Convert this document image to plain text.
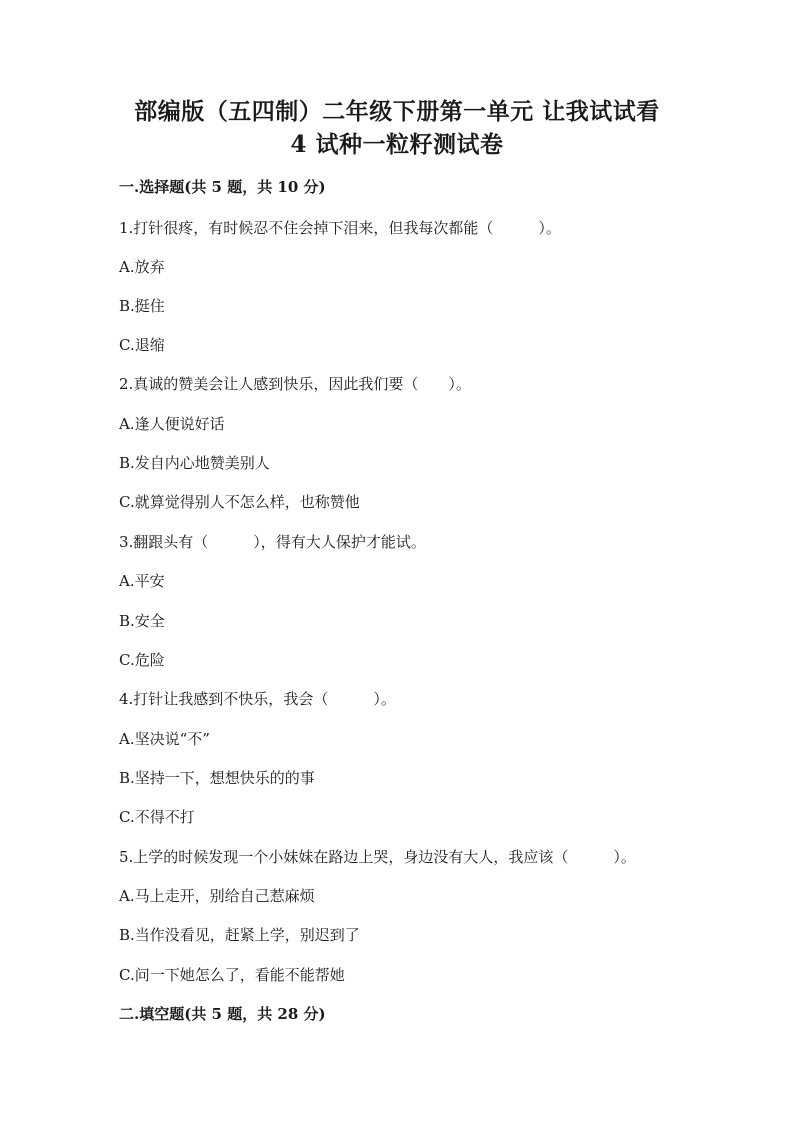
部编版（五四制）二年级下册第一单元 让我试试看
4 试种一粒籽测试卷
一.选择题(共 5 题，共 10 分)
1.打针很疼，有时候忍不住会掉下泪来，但我每次都能（　　　）。
A.放弃
B.挺住
C.退缩
2.真诚的赞美会让人感到快乐，因此我们要（　　）。
A.逢人便说好话
B.发自内心地赞美别人
C.就算觉得别人不怎么样，也称赞他
3.翻跟头有（　　　），得有大人保护才能试。
A.平安
B.安全
C.危险
4.打针让我感到不快乐，我会（　　　）。
A.坚决说“不”
B.坚持一下，想想快乐的的事
C.不得不打
5.上学的时候发现一个小妹妹在路边上哭，身边没有大人，我应该（　　　）。
A.马上走开，别给自己惹麻烦
B.当作没看见，赶紧上学，别迟到了
C.问一下她怎么了，看能不能帮她
二.填空题(共 5 题，共 28 分)
